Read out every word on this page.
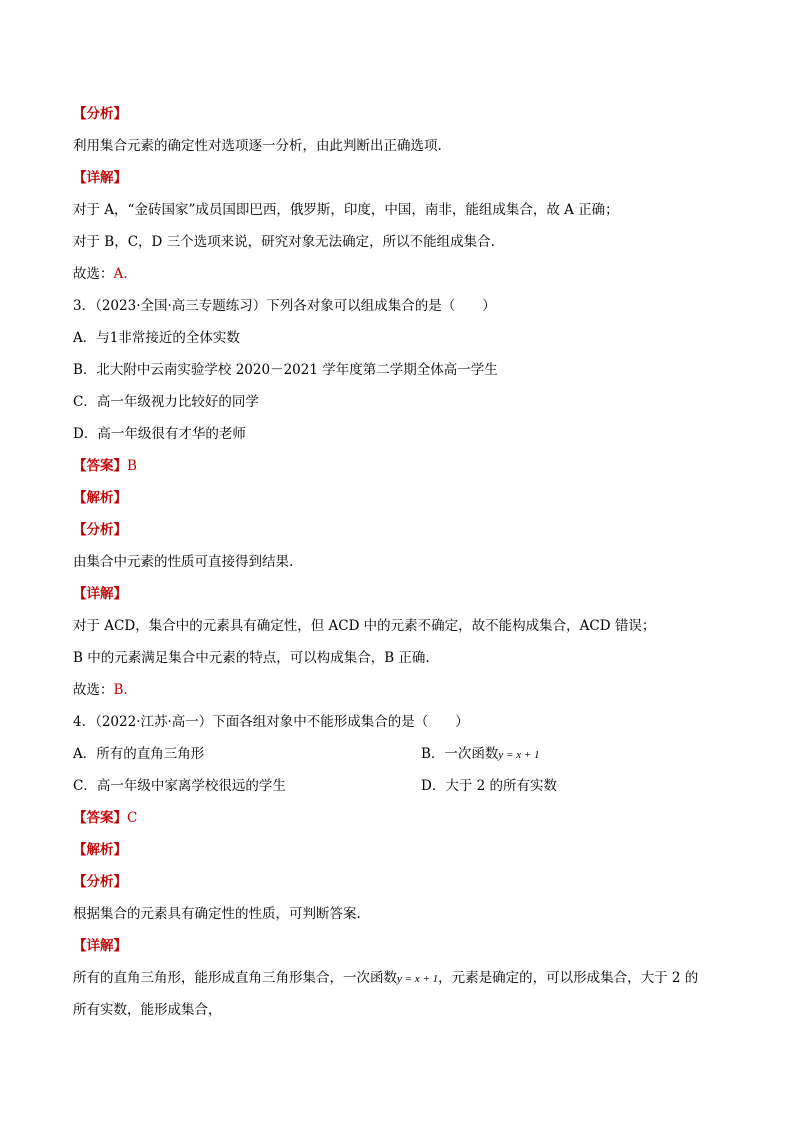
【分析】
利用集合元素的确定性对选项逐一分析，由此判断出正确选项.
【详解】
对于 A，“金砖国家”成员国即巴西，俄罗斯，印度，中国，南非，能组成集合，故 A 正确；
对于 B，C，D 三个选项来说，研究对象无法确定，所以不能组成集合.
故选：A.
3．（2023·全国·高三专题练习）下列各对象可以组成集合的是（　　）
A．与1非常接近的全体实数
B．北大附中云南实验学校 2020－2021 学年度第二学期全体高一学生
C．高一年级视力比较好的同学
D．高一年级很有才华的老师
【答案】B
【解析】
【分析】
由集合中元素的性质可直接得到结果.
【详解】
对于 ACD，集合中的元素具有确定性，但 ACD 中的元素不确定，故不能构成集合，ACD 错误；
B 中的元素满足集合中元素的特点，可以构成集合，B 正确.
故选：B.
4．（2022·江苏·高一）下面各组对象中不能形成集合的是（　　）
A．所有的直角三角形	B．一次函数y = x + 1
C．高一年级中家离学校很远的学生	D．大于 2 的所有实数
【答案】C
【解析】
【分析】
根据集合的元素具有确定性的性质，可判断答案.
【详解】
所有的直角三角形，能形成直角三角形集合，一次函数y = x + 1，元素是确定的，可以形成集合，大于 2 的
所有实数，能形成集合，
